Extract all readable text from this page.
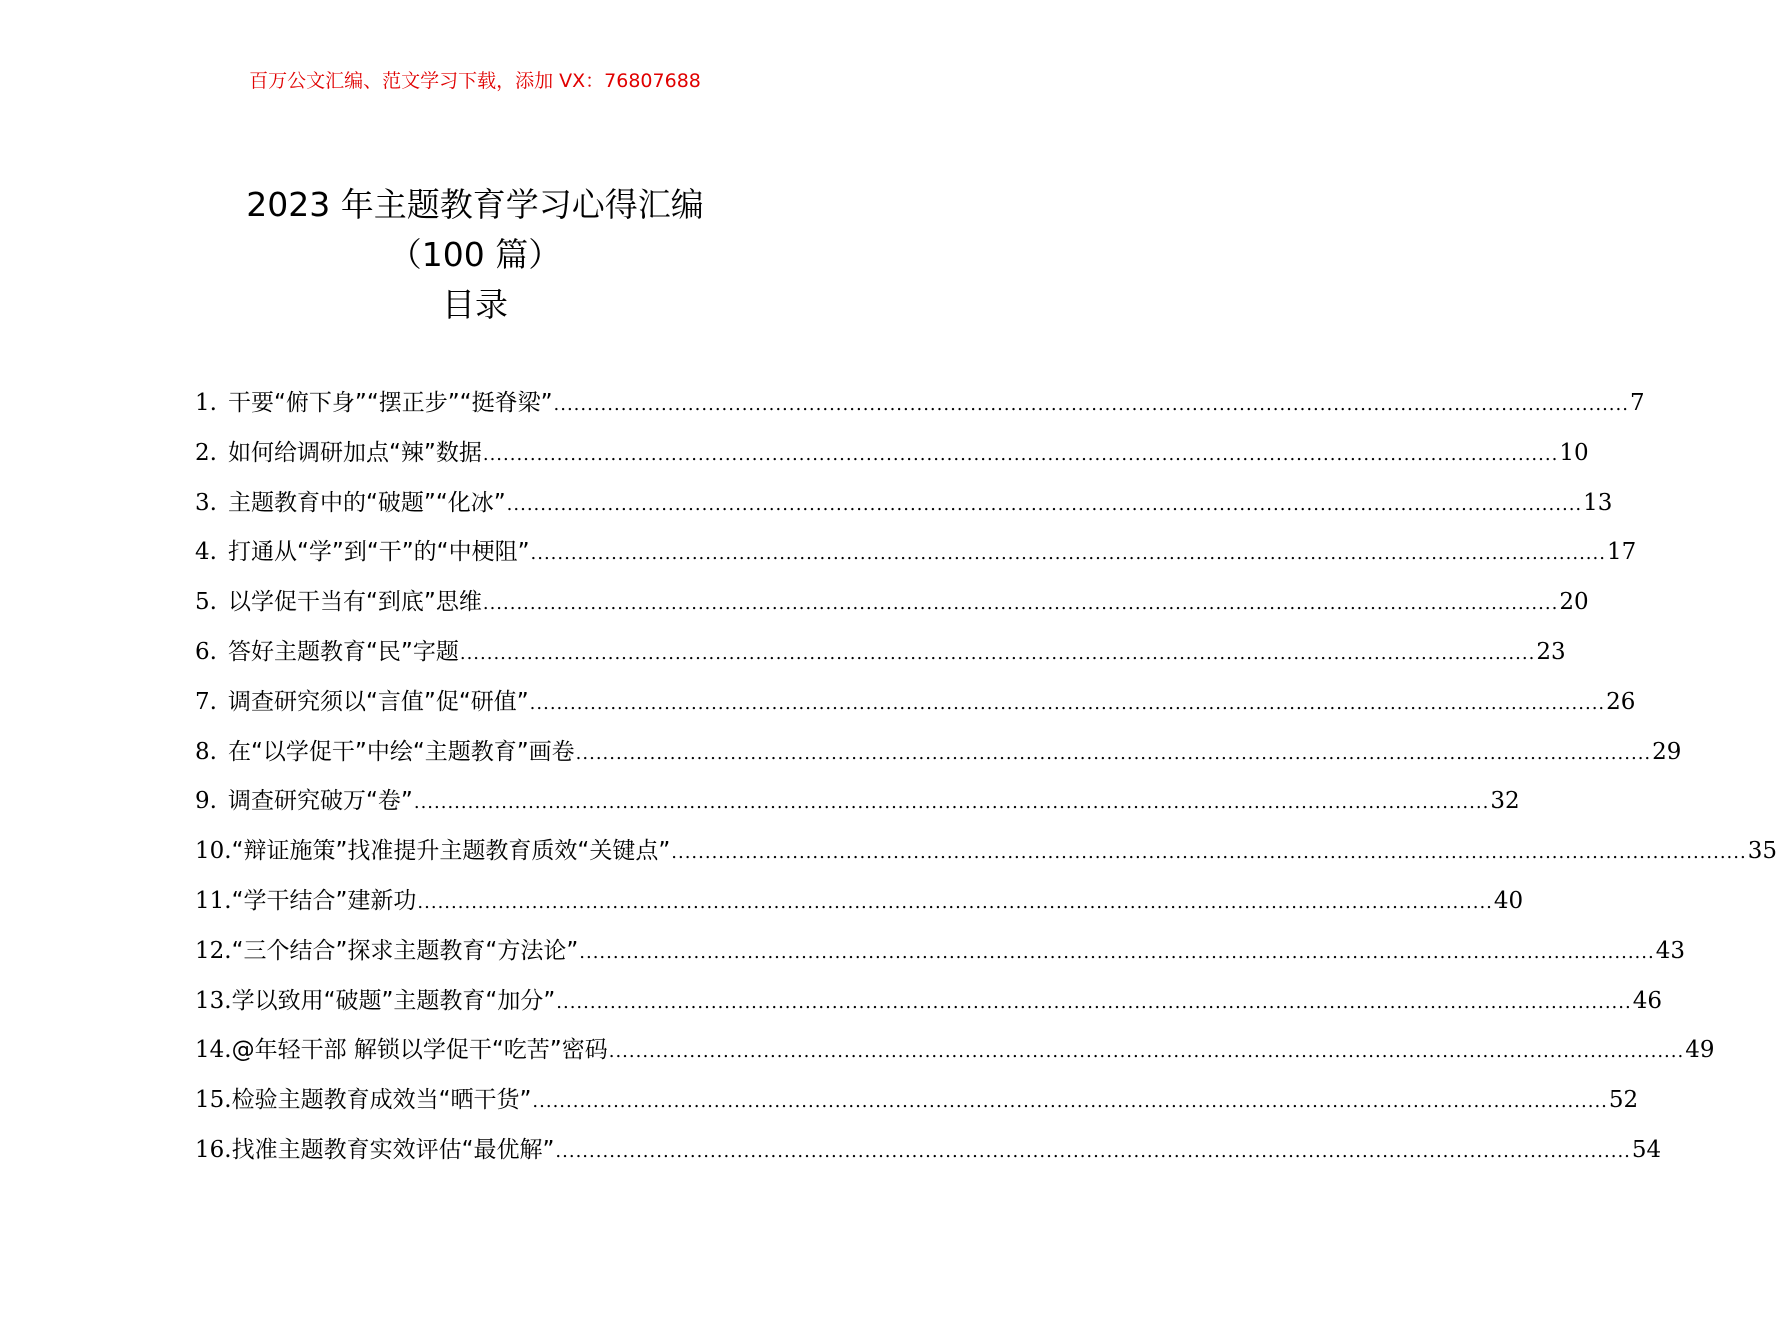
百万公文汇编、范文学习下载，添加 VX：76807688
2023 年主题教育学习心得汇编
（100 篇）
目录
1. 干要“俯下身”“摆正步”“挺脊梁” .....	7
2. 如何给调研加点“辣”数据 .....	10
3. 主题教育中的“破题”“化冰” .....	13
4. 打通从“学”到“干”的“中梗阻” .....	17
5. 以学促干当有“到底”思维 .....	20
6. 答好主题教育“民”字题 .....	23
7. 调查研究须以“言值”促“研值” .....	26
8. 在“以学促干”中绘“主题教育”画卷 .....	29
9. 调查研究破万“卷” .....	32
10. “辩证施策”找准提升主题教育质效“关键点” .....	35
11. “学干结合”建新功 .....	40
12. “三个结合”探求主题教育“方法论” .....	43
13. 学以致用“破题”主题教育“加分” .....	46
14. @年轻干部 解锁以学促干“吃苦”密码 .....	49
15. 检验主题教育成效当“晒干货” .....	52
16. 找准主题教育实效评估“最优解” .....	54
